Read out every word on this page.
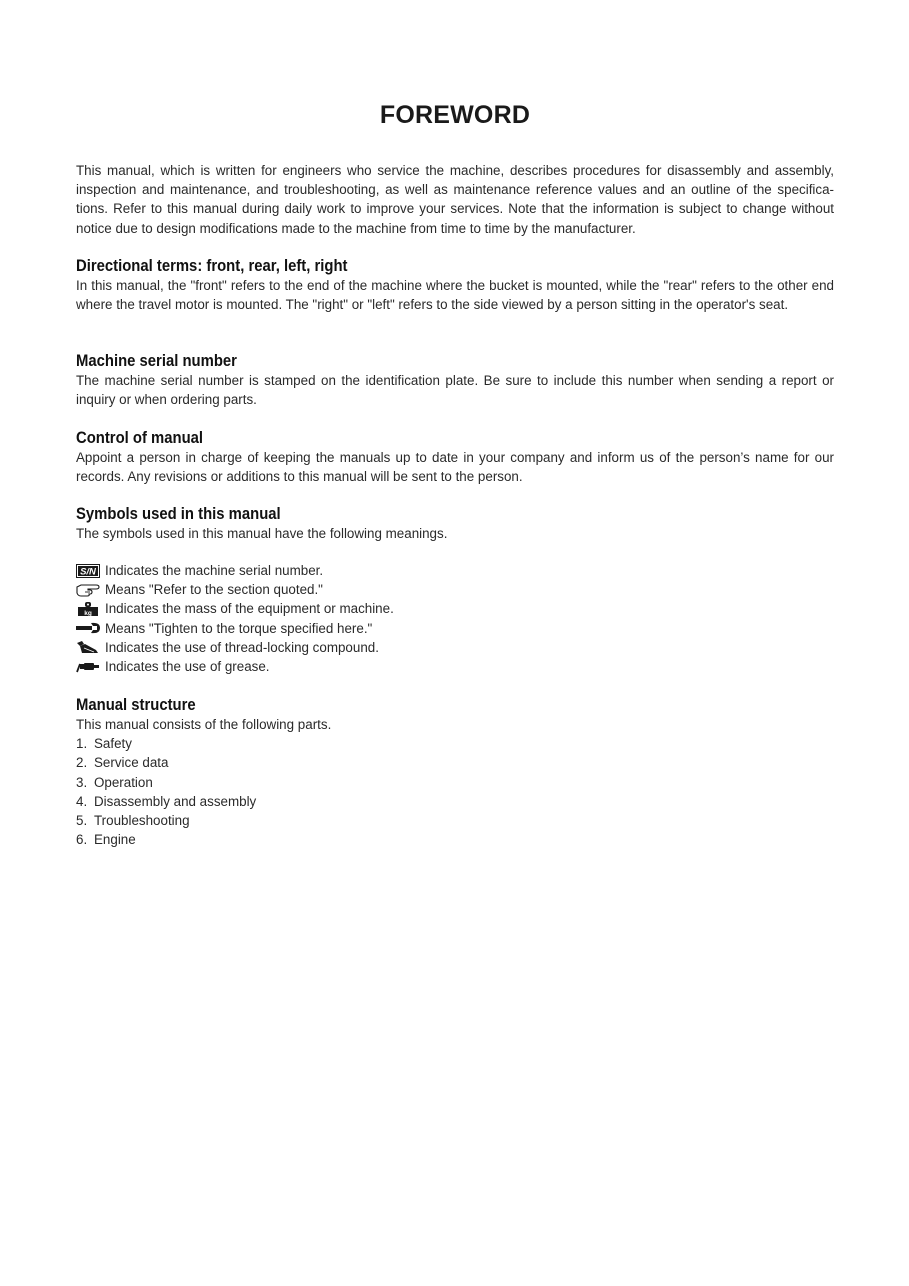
FOREWORD

This manual, which is written for engineers who service the machine, describes procedures for disassembly and assembly, inspection and maintenance, and troubleshooting, as well as maintenance reference values and an outline of the specifica-tions. Refer to this manual during daily work to improve your services. Note that the information is subject to change without notice due to design modifications made to the machine from time to time by the manufacturer.

Directional terms: front, rear, left, right

In this manual, the "front" refers to the end of the machine where the bucket is mounted, while the "rear" refers to the other end where the travel motor is mounted. The "right" or "left" refers to the side viewed by a person sitting in the operator's seat.

Machine serial number

The machine serial number is stamped on the identification plate. Be sure to include this number when sending a report or inquiry or when ordering parts.

Control of manual

Appoint a person in charge of keeping the manuals up to date in your company and inform us of the person’s name for our records. Any revisions or additions to this manual will be sent to the person.

Symbols used in this manual

The symbols used in this manual have the following meanings.

S/N Indicates the machine serial number.
Means "Refer to the section quoted."
kg Indicates the mass of the equipment or machine.
Means "Tighten to the torque specified here."
Indicates the use of thread-locking compound.
Indicates the use of grease.
Manual structure

This manual consists of the following parts.

1. Safety
2. Service data
3. Operation
4. Disassembly and assembly
5. Troubleshooting
6. Engine
